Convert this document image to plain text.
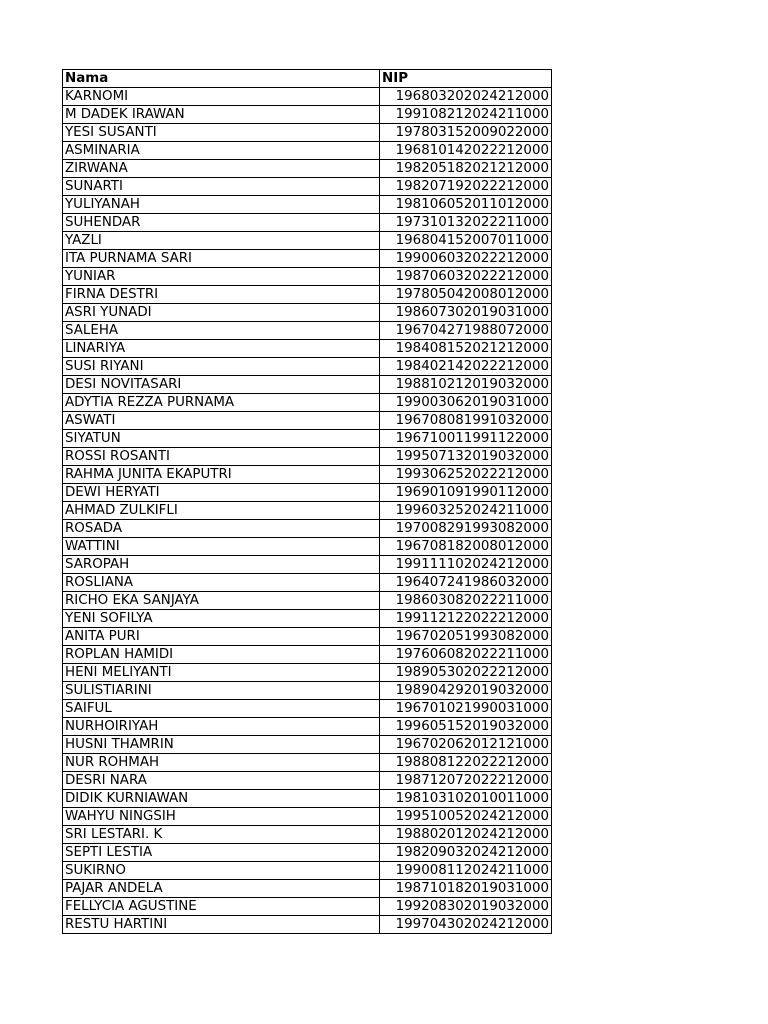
Nama	NIP
KARNOMI	196803202024212000
M DADEK IRAWAN	199108212024211000
YESI SUSANTI	197803152009022000
ASMINARIA	196810142022212000
ZIRWANA	198205182021212000
SUNARTI	198207192022212000
YULIYANAH	198106052011012000
SUHENDAR	197310132022211000
YAZLI	196804152007011000
ITA PURNAMA SARI	199006032022212000
YUNIAR	198706032022212000
FIRNA DESTRI	197805042008012000
ASRI YUNADI	198607302019031000
SALEHA	196704271988072000
LINARIYA	198408152021212000
SUSI RIYANI	198402142022212000
DESI NOVITASARI	198810212019032000
ADYTIA REZZA PURNAMA	199003062019031000
ASWATI	196708081991032000
SIYATUN	196710011991122000
ROSSI ROSANTI	199507132019032000
RAHMA JUNITA EKAPUTRI	199306252022212000
DEWI HERYATI	196901091990112000
AHMAD ZULKIFLI	199603252024211000
ROSADA	197008291993082000
WATTINI	196708182008012000
SAROPAH	199111102024212000
ROSLIANA	196407241986032000
RICHO EKA SANJAYA	198603082022211000
YENI SOFILYA	199112122022212000
ANITA PURI	196702051993082000
ROPLAN HAMIDI	197606082022211000
HENI MELIYANTI	198905302022212000
SULISTIARINI	198904292019032000
SAIFUL	196701021990031000
NURHOIRIYAH	199605152019032000
HUSNI THAMRIN	196702062012121000
NUR ROHMAH	198808122022212000
DESRI NARA	198712072022212000
DIDIK KURNIAWAN	198103102010011000
WAHYU NINGSIH	199510052024212000
SRI LESTARI. K	198802012024212000
SEPTI LESTIA	198209032024212000
SUKIRNO	199008112024211000
PAJAR ANDELA	198710182019031000
FELLYCIA AGUSTINE	199208302019032000
RESTU HARTINI	199704302024212000
